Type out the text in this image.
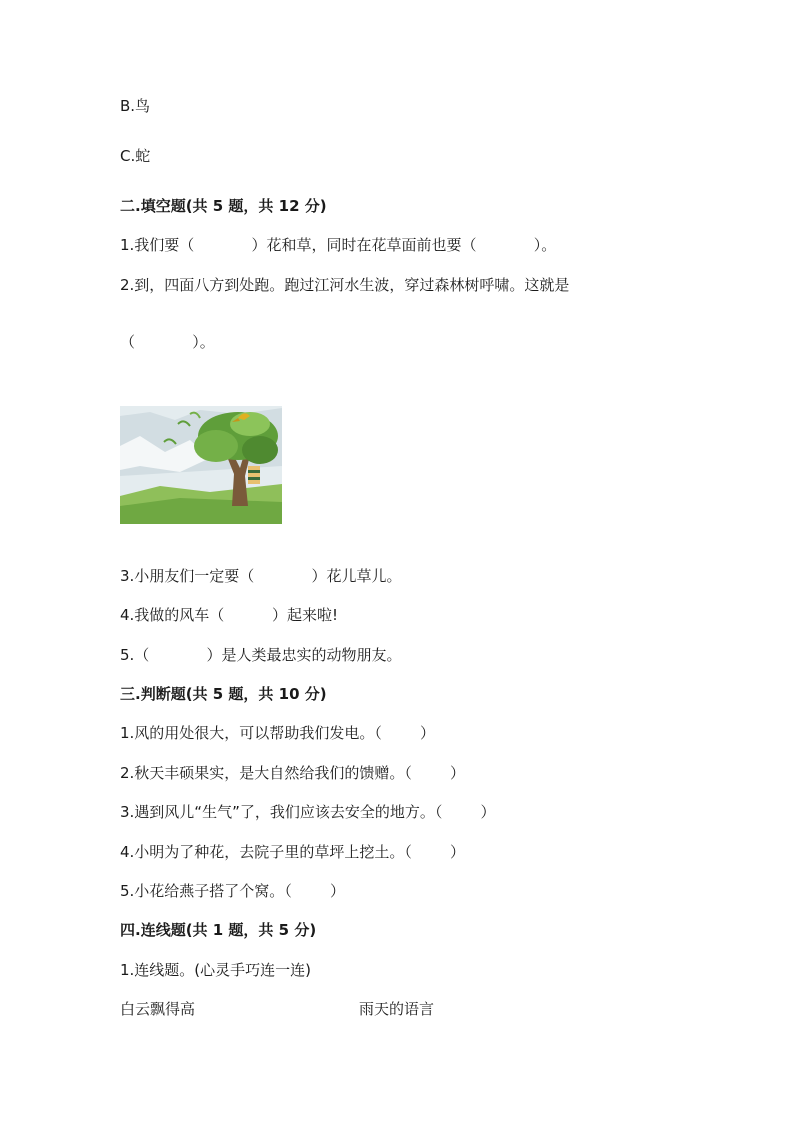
B.鸟
C.蛇
二.填空题(共 5 题，共 12 分)
1.我们要（            ）花和草，同时在花草面前也要（            ）。
2.到，四面八方到处跑。跑过江河水生波，穿过森林树呼啸。这就是
（            ）。
3.小朋友们一定要（            ）花儿草儿。
4.我做的风车（          ）起来啦!
5.（            ）是人类最忠实的动物朋友。
三.判断题(共 5 题，共 10 分)
1.风的用处很大，可以帮助我们发电。（        ）
2.秋天丰硕果实，是大自然给我们的馈赠。（        ）
3.遇到风儿“生气”了，我们应该去安全的地方。（        ）
4.小明为了种花，去院子里的草坪上挖土。（        ）
5.小花给燕子搭了个窝。（        ）
四.连线题(共 1 题，共 5 分)
1.连线题。(心灵手巧连一连)
白云飘得高	雨天的语言
